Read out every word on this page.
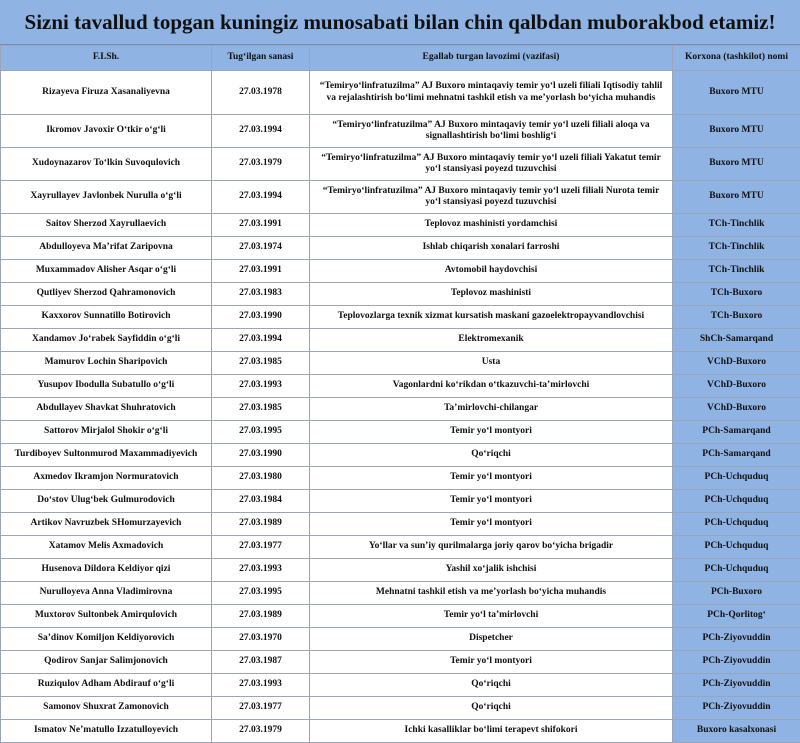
Sizni tavallud topgan kuningiz munosabati bilan chin qalbdan muborakbod etamiz!
F.I.Sh.	Tug‘ilgan sanasi	Egallab turgan lavozimi (vazifasi)	Korxona (tashkilot) nomi
Rizayeva Firuza Xasanaliyevna	27.03.1978	“Temiryo‘linfratuzilma” AJ Buxoro mintaqaviy temir yo‘l uzeli filiali Iqtisodiy tahlil va rejalashtirish bo‘limi mehnatni tashkil etish va me’yorlash bo‘yicha muhandis	Buxoro MTU
Ikromov Javoxir O‘tkir o‘g‘li	27.03.1994	“Temiryo‘linfratuzilma” AJ Buxoro mintaqaviy temir yo‘l uzeli filiali aloqa va signallashtirish bo‘limi boshlig‘i	Buxoro MTU
Xudoynazarov To‘lkin Suvoqulovich	27.03.1979	“Temiryo‘linfratuzilma” AJ Buxoro mintaqaviy temir yo‘l uzeli filiali Yakatut temir yo‘l stansiyasi poyezd tuzuvchisi	Buxoro MTU
Xayrullayev Javlonbek Nurulla o‘g‘li	27.03.1994	“Temiryo‘linfratuzilma” AJ Buxoro mintaqaviy temir yo‘l uzeli filiali Nurota temir yo‘l stansiyasi poyezd tuzuvchisi	Buxoro MTU
Saitov Sherzod Xayrullaevich	27.03.1991	Teplovoz mashinisti yordamchisi	TCh-Tinchlik
Abdulloyeva Ma’rifat Zaripovna	27.03.1974	Ishlab chiqarish xonalari farroshi	TCh-Tinchlik
Muxammadov Alisher Asqar o‘g‘li	27.03.1991	Avtomobil haydovchisi	TCh-Tinchlik
Qutliyev Sherzod Qahramonovich	27.03.1983	Teplovoz mashinisti	TCh-Buxoro
Kaxxorov Sunnatillo Botirovich	27.03.1990	Teplovozlarga texnik xizmat kursatish maskani gazoelektropayvandlovchisi	TCh-Buxoro
Xandamov Jo‘rabek Sayfiddin o‘g‘li	27.03.1994	Elektromexanik	ShCh-Samarqand
Mamurov Lochin Sharipovich	27.03.1985	Usta	VChD-Buxoro
Yusupov Ibodulla Subatullo o‘g‘li	27.03.1993	Vagonlardni ko‘rikdan o‘tkazuvchi-ta’mirlovchi	VChD-Buxoro
Abdullayev Shavkat Shuhratovich	27.03.1985	Ta’mirlovchi-chilangar	VChD-Buxoro
Sattorov Mirjalol Shokir o‘g‘li	27.03.1995	Temir yo‘l montyori	PCh-Samarqand
Turdiboyev Sultonmurod Maxammadiyevich	27.03.1990	Qo‘riqchi	PCh-Samarqand
Axmedov Ikramjon Normuratovich	27.03.1980	Temir yo‘l montyori	PCh-Uchquduq
Do‘stov Ulug‘bek Gulmurodovich	27.03.1984	Temir yo‘l montyori	PCh-Uchquduq
Artikov Navruzbek SHomurzayevich	27.03.1989	Temir yo‘l montyori	PCh-Uchquduq
Xatamov Melis Axmadovich	27.03.1977	Yo‘llar va sun’iy qurilmalarga joriy qarov bo‘yicha brigadir	PCh-Uchquduq
Husenova Dildora Keldiyor qizi	27.03.1993	Yashil xo‘jalik ishchisi	PCh-Uchquduq
Nurulloyeva Anna Vladimirovna	27.03.1995	Mehnatni tashkil etish va me’yorlash bo‘yicha muhandis	PCh-Buxoro
Muxtorov Sultonbek Amirqulovich	27.03.1989	Temir yo‘l ta’mirlovchi	PCh-Qorlitog‘
Sa’dinov Komiljon Keldiyorovich	27.03.1970	Dispetcher	PCh-Ziyovuddin
Qodirov Sanjar Salimjonovich	27.03.1987	Temir yo‘l montyori	PCh-Ziyovuddin
Ruziqulov Adham Abdirauf o‘g‘li	27.03.1993	Qo‘riqchi	PCh-Ziyovuddin
Samonov Shuxrat Zamonovich	27.03.1977	Qo‘riqchi	PCh-Ziyovuddin
Ismatov Ne’matullo Izzatulloyevich	27.03.1979	Ichki kasalliklar bo‘limi terapevt shifokori	Buxoro kasalxonasi
